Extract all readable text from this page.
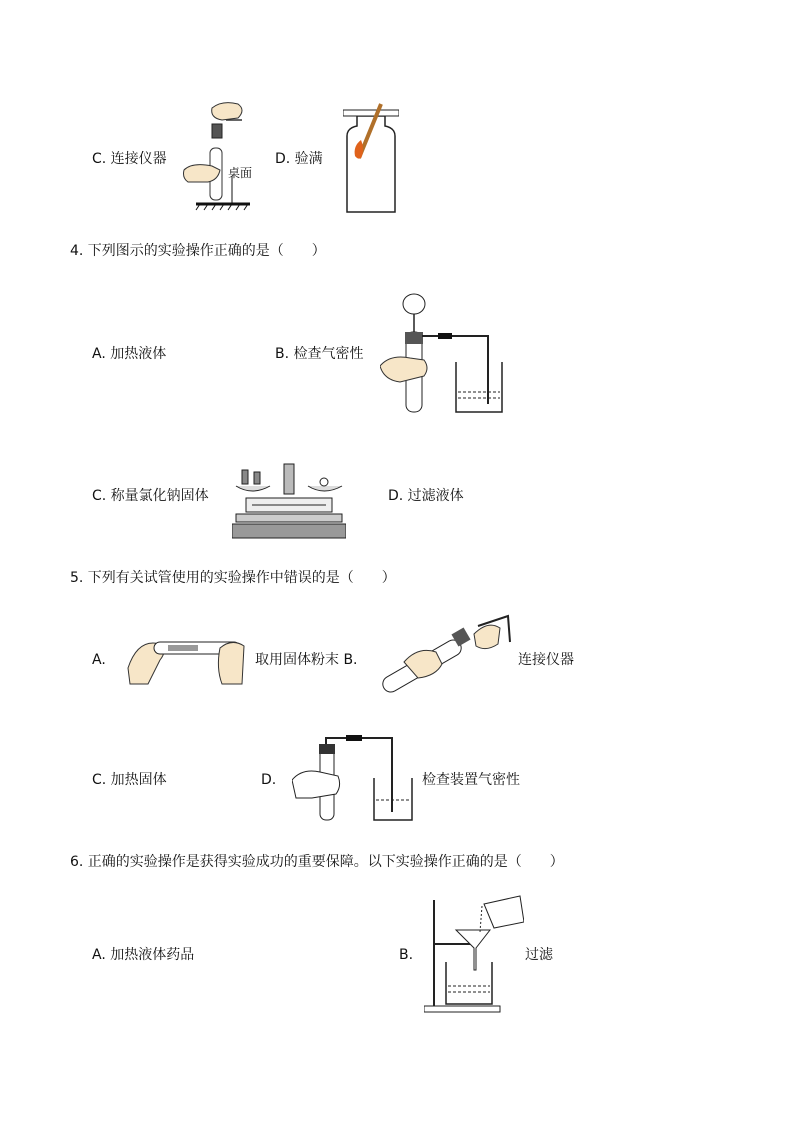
C. 连接仪器
桌面
D. 验满
4. 下列图示的实验操作正确的是（　　）
A. 加热液体	B. 检查气密性
C. 称量氯化钠固体	D. 过滤液体
5. 下列有关试管使用的实验操作中错误的是（　　）
A.	取用固体粉末 B.	连接仪器
C. 加热固体	D.	检查装置气密性
6. 正确的实验操作是获得实验成功的重要保障。以下实验操作正确的是（　　）
A. 加热液体药品	B.	过滤
